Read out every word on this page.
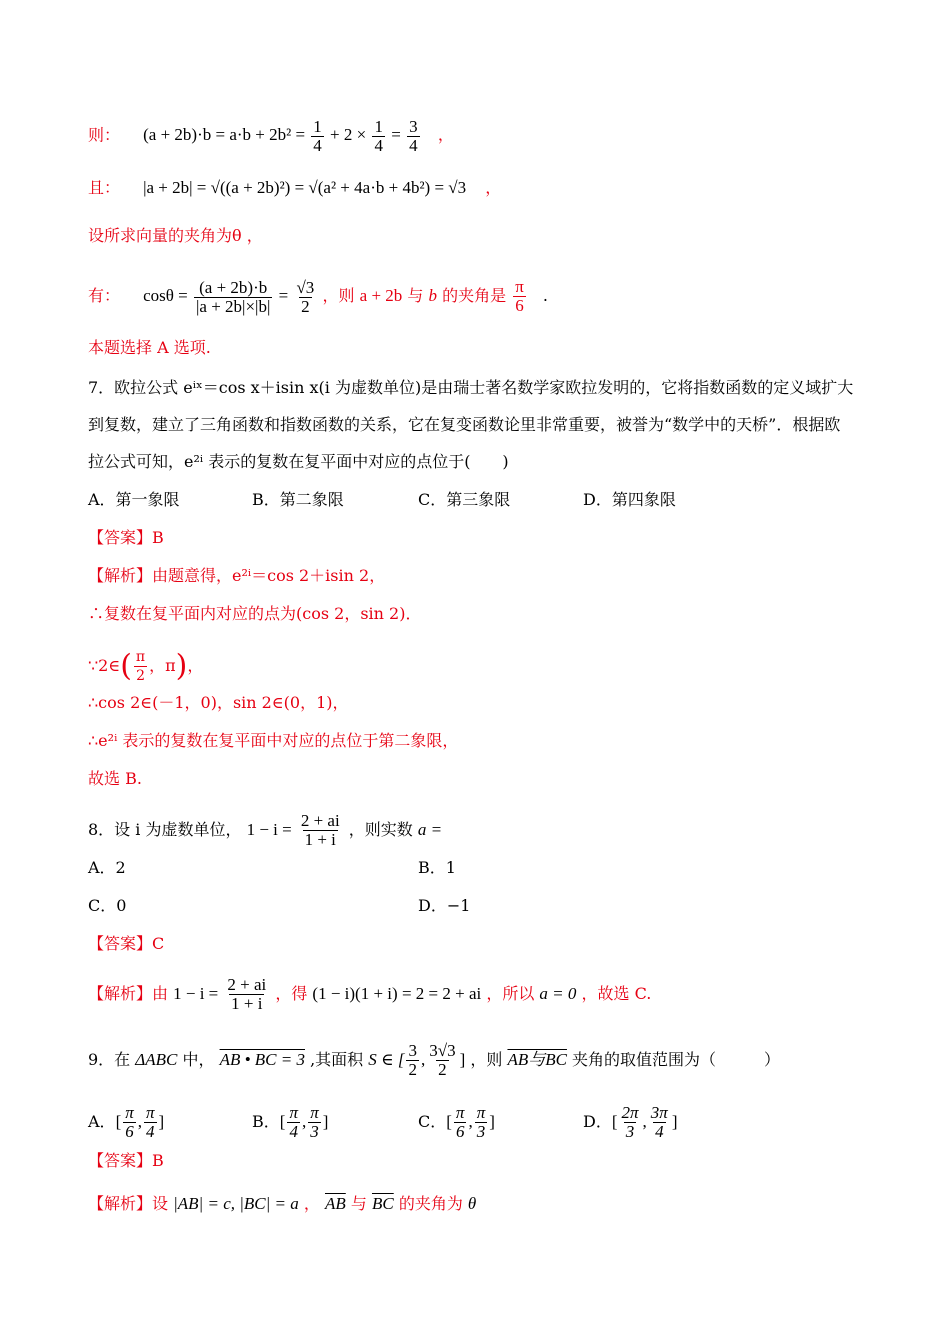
则： $(a + 2b)\cdot b = a\cdot b + 2b^2 = \frac{1}{4} + 2 \times \frac{1}{4} = \frac{3}{4}$ ，
且： |a + 2b| = √((a + 2b)²) = √(a² + 4a·b + 4b²) = √3 ，
设所求向量的夹角为θ ，
有： $\cos\theta = \frac{(a + 2b)\cdot b}{|a + 2b|\times|b|} = \frac{√3}{2}$ ，则 a + 2b 与 b 的夹角是 $\frac{\pi}{6}$ .
本题选择 A 选项.
7．欧拉公式 eⁱˣ＝cos x＋isin x(i 为虚数单位)是由瑞士著名数学家欧拉发明的，它将指数函数的定义域扩大
到复数，建立了三角函数和指数函数的关系，它在复变函数论里非常重要，被誉为“数学中的天桥”．根据欧
拉公式可知，e²ⁱ 表示的复数在复平面中对应的点位于(　　)
A．第一象限	B．第二象限	C．第三象限	D．第四象限
【答案】B
【解析】由题意得，e²ⁱ＝cos 2＋isin 2，
∴复数在复平面内对应的点为(cos 2，sin 2)．
∵2∈( $\frac{\pi}{2}$ ，π)，
∴cos 2∈(－1，0)，sin 2∈(0，1)，
∴e²ⁱ 表示的复数在复平面中对应的点位于第二象限，
故选 B.
8．设 i 为虚数单位， $1 - i = \frac{2 + ai}{1 + i}$ ，则实数 a =
A．2	B．1
C．0	D．−1
【答案】C
【解析】由 $1 - i = \frac{2 + ai}{1 + i}$ ，得 (1 − i)(1 + i) = 2 = 2 + ai ，所以 a = 0 ，故选 C.
9．在 ΔABC 中， AB • BC = 3 ,其面积 S ∈ [ $\frac{3}{2}$ , $\frac{3√3}{2}$ ] ，则 AB与BC 夹角的取值范围为（　　　）
A．[ $\frac{\pi}{6}$ , $\frac{\pi}{4}$ ]	B．[ $\frac{\pi}{4}$ , $\frac{\pi}{3}$ ]	C．[ $\frac{\pi}{6}$ , $\frac{\pi}{3}$ ]	D．[ $\frac{2\pi}{3}$ , $\frac{3\pi}{4}$ ]
【答案】B
【解析】设 |AB| = c, |BC| = a ， $\overline{AB}$ 与 $\overline{BC}$ 的夹角为 θ
